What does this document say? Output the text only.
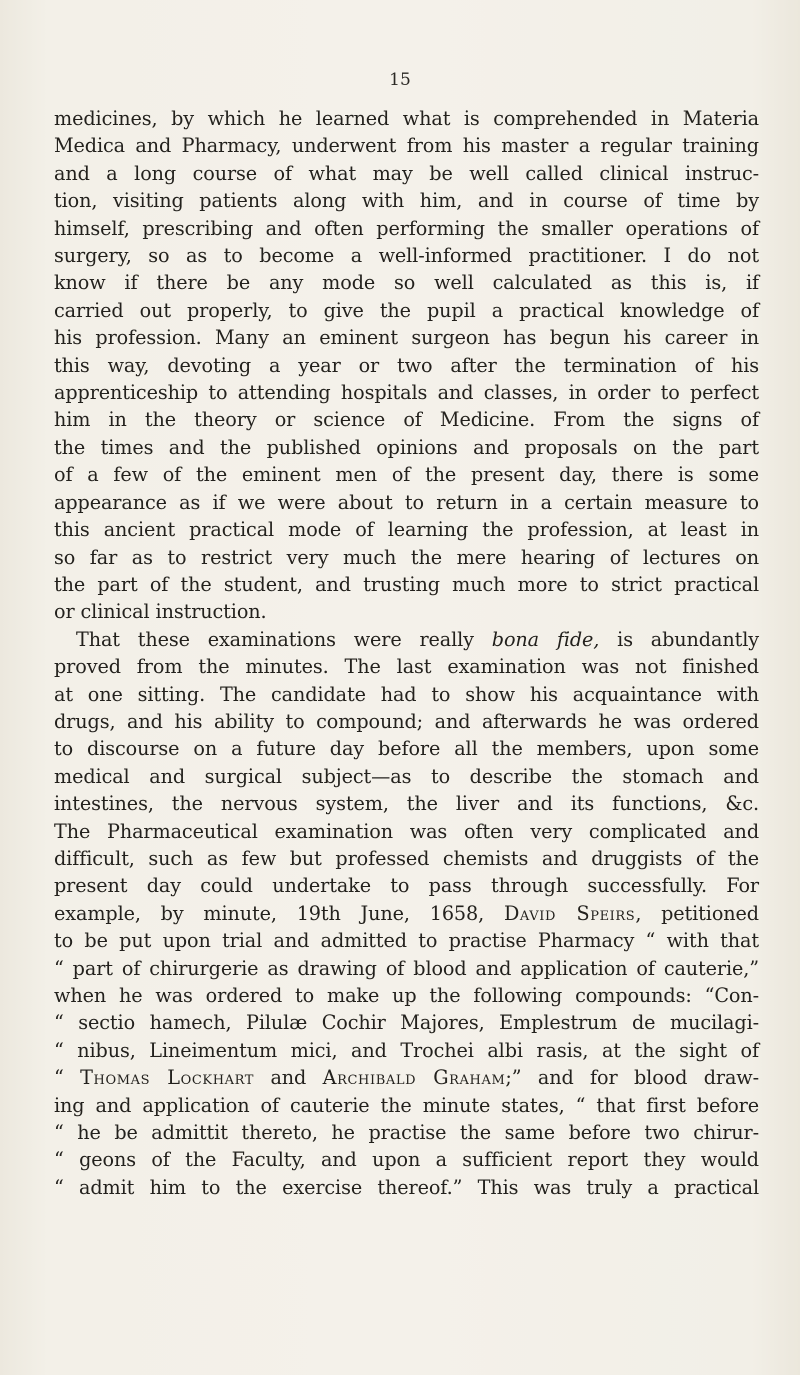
15
medicines, by which he learned what is comprehended in Materia
Medica and Pharmacy, underwent from his master a regular training
and a long course of what may be well called clinical instruc-
tion, visiting patients along with him, and in course of time by
himself, prescribing and often performing the smaller operations of
surgery, so as to become a well-informed practitioner. I do not
know if there be any mode so well calculated as this is, if
carried out properly, to give the pupil a practical knowledge of
his profession. Many an eminent surgeon has begun his career in
this way, devoting a year or two after the termination of his
apprenticeship to attending hospitals and classes, in order to perfect
him in the theory or science of Medicine. From the signs of
the times and the published opinions and proposals on the part
of a few of the eminent men of the present day, there is some
appearance as if we were about to return in a certain measure to
this ancient practical mode of learning the profession, at least in
so far as to restrict very much the mere hearing of lectures on
the part of the student, and trusting much more to strict practical
or clinical instruction.
That these examinations were really bona fide, is abundantly
proved from the minutes. The last examination was not finished
at one sitting. The candidate had to show his acquaintance with
drugs, and his ability to compound; and afterwards he was ordered
to discourse on a future day before all the members, upon some
medical and surgical subject—as to describe the stomach and
intestines, the nervous system, the liver and its functions, &c.
The Pharmaceutical examination was often very complicated and
difficult, such as few but professed chemists and druggists of the
present day could undertake to pass through successfully. For
example, by minute, 19th June, 1658, David Speirs, petitioned
to be put upon trial and admitted to practise Pharmacy “ with that
“ part of chirurgerie as drawing of blood and application of cauterie,”
when he was ordered to make up the following compounds: “Con-
“ sectio hamech, Pilulæ Cochir Majores, Emplestrum de mucilagi-
“ nibus, Lineimentum mici, and Trochei albi rasis, at the sight of
“ Thomas Lockhart and Archibald Graham;” and for blood draw-
ing and application of cauterie the minute states, “ that first before
“ he be admittit thereto, he practise the same before two chirur-
“ geons of the Faculty, and upon a sufficient report they would
“ admit him to the exercise thereof.” This was truly a practical
